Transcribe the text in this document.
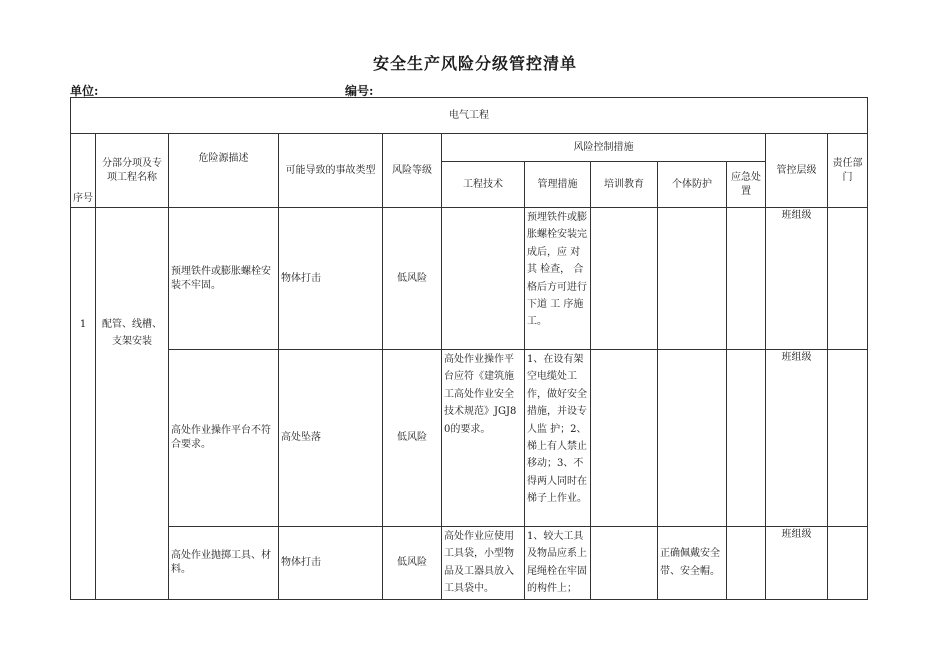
安全生产风险分级管控清单
单位:	编号:
电气工程											
序号	分部分项及专项工程名称	危险源描述	可能导致的事故类型	风险等级	风险控制措施					管控层级	责任部门
					工程技术	管理措施	培训教育	个体防护	应急处置		
1	配管、线槽、支架安装	预埋铁件或膨胀螺栓安装不牢固。	物体打击	低风险		预埋铁件或膨胀螺栓安装完成后，应 对 其 检查， 合格后方可进行下道 工 序施 工。				班组级	
		高处作业操作平台不符合要求。	高处坠落	低风险	高处作业操作平台应符《建筑施工高处作业安全技术规范》JGJ80的要求。	1、在设有架空电缆处工作，做好安全措施，并设专人监 护；2、梯上有人禁止移动；3、不得两人同时在梯子上作业。				班组级	
		高处作业抛掷工具、材料。	物体打击	低风险	高处作业应使用工具袋，小型物品及工器具放入工具袋中。	1、较大工具及物品应系上尾绳栓在牢固的构件上；		正确佩戴安全带、安全帽。		班组级	
